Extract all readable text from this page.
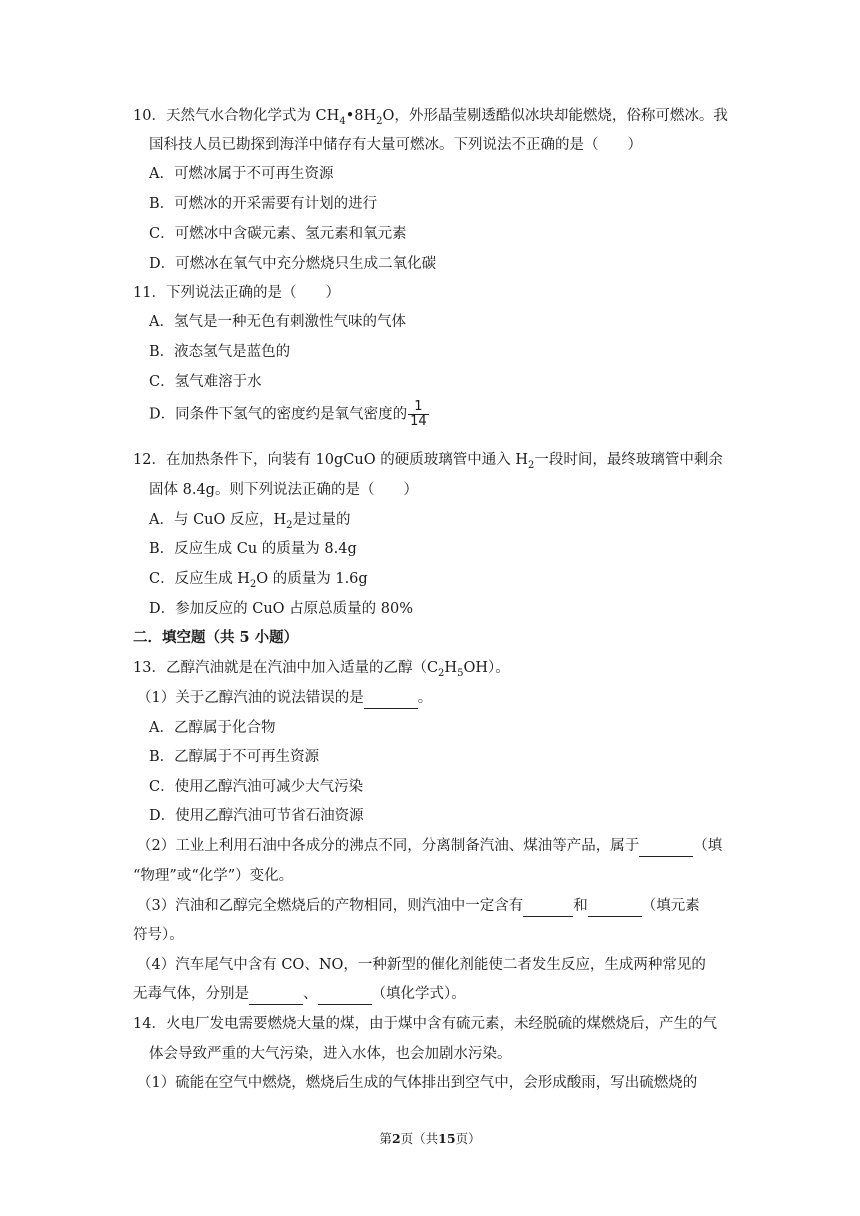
10．天然气水合物化学式为 $CH_4•8H_2O$，外形晶莹剔透酷似冰块却能燃烧，俗称可燃冰。我
国科技人员已勘探到海洋中储存有大量可燃冰。下列说法不正确的是（　　）
A．可燃冰属于不可再生资源
B．可燃冰的开采需要有计划的进行
C．可燃冰中含碳元素、氢元素和氧元素
D．可燃冰在氧气中充分燃烧只生成二氧化碳
11．下列说法正确的是（　　）
A．氢气是一种无色有刺激性气味的气体
B．液态氢气是蓝色的
C．氢气难溶于水
D．同条件下氢气的密度约是氧气密度的 $\frac{1}{14}$
12．在加热条件下，向装有 10gCuO 的硬质玻璃管中通入 $H_2$一段时间，最终玻璃管中剩余
固体 8.4g。则下列说法正确的是（　　）
A．与 CuO 反应，$H_2$是过量的
B．反应生成 Cu 的质量为 8.4g
C．反应生成 $H_2O$ 的质量为 1.6g
D．参加反应的 CuO 占原总质量的 80%
二．填空题（共 5 小题）
13．乙醇汽油就是在汽油中加入适量的乙醇$(C_2H_5OH)$。
（1）关于乙醇汽油的说法错误的是	。
A．乙醇属于化合物
B．乙醇属于不可再生资源
C．使用乙醇汽油可减少大气污染
D．使用乙醇汽油可节省石油资源
（2）工业上利用石油中各成分的沸点不同，分离制备汽油、煤油等产品，属于	（填
“物理”或“化学”）变化。
（3）汽油和乙醇完全燃烧后的产物相同，则汽油中一定含有	和	（填元素
符号）。
（4）汽车尾气中含有 CO、NO，一种新型的催化剂能使二者发生反应，生成两种常见的
无毒气体，分别是	、	（填化学式）。
14．火电厂发电需要燃烧大量的煤，由于煤中含有硫元素，未经脱硫的煤燃烧后，产生的气
体会导致严重的大气污染，进入水体，也会加剧水污染。
（1）硫能在空气中燃烧，燃烧后生成的气体排出到空气中，会形成酸雨，写出硫燃烧的
第2页（共15页）
